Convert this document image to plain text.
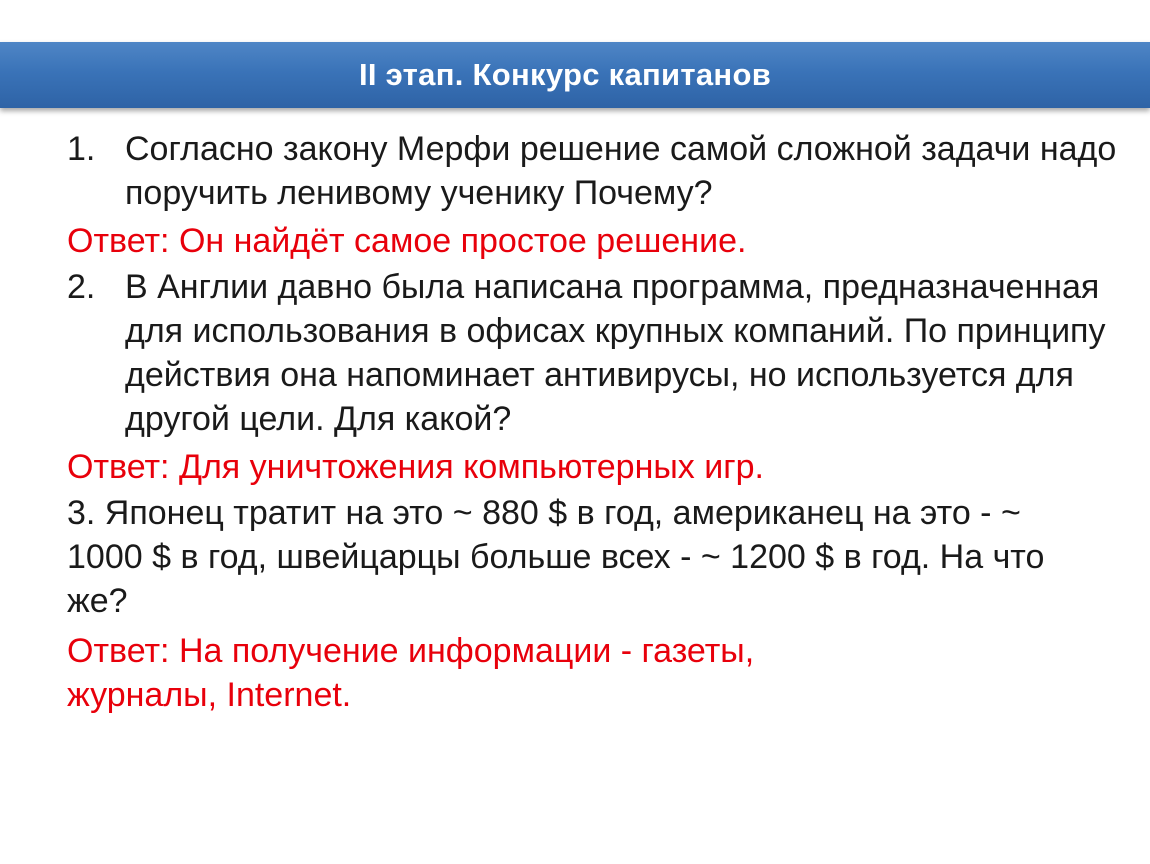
II этап. Конкурс капитанов
1. Согласно закону Мерфи решение самой сложной задачи надо поручить ленивому ученику Почему?
Ответ: Он найдёт самое простое решение.
2. В Англии давно была написана программа, предназначенная для использования в офисах крупных компаний. По принципу действия она напоминает антивирусы, но используется для другой цели. Для какой?
Ответ: Для уничтожения компьютерных игр.
3. Японец тратит на это ~ 880 $ в год, американец на это - ~ 1000 $ в год, швейцарцы больше всех - ~ 1200 $ в год. На что же?
Ответ: На получение информации - газеты, журналы, Internet.
